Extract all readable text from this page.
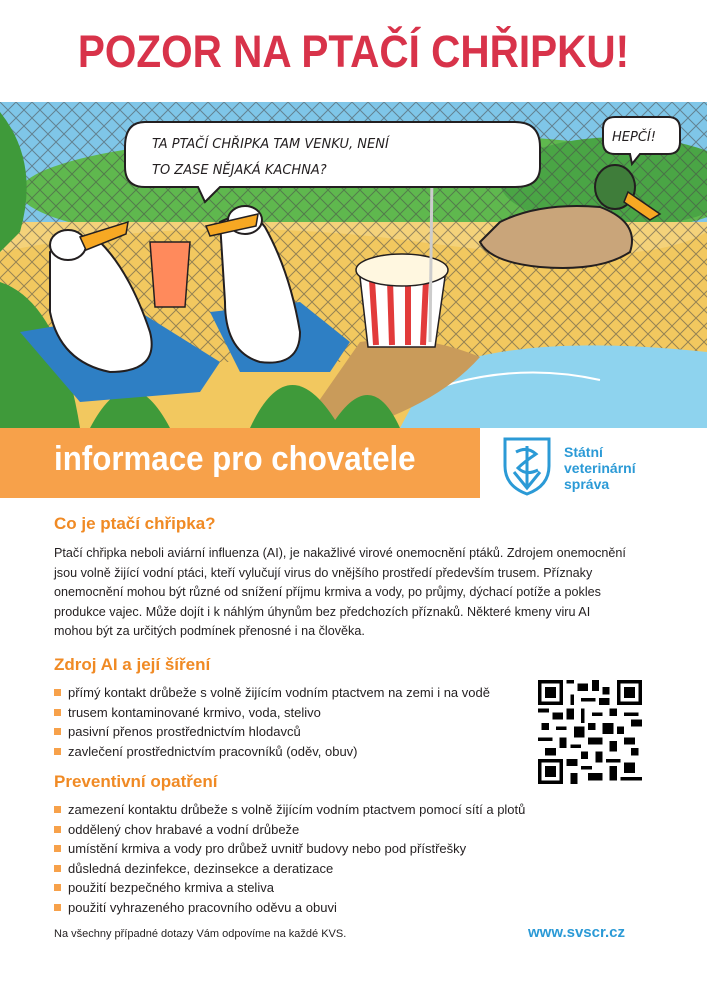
POZOR NA PTAČÍ CHŘIPKU!
TA PTAČÍ CHŘIPKA TAM VENKU, NENÍ
TO ZASE NĚJAKÁ KACHNA?
HEPČÍ!
informace pro chovatele	Státní
veterinární
správa
Co je ptačí chřipka?

Ptačí chřipka neboli aviární influenza (AI), je nakažlivé virové onemocnění ptáků. Zdrojem onemocnění

jsou volně žijící vodní ptáci, kteří vylučují virus do vnějšího prostředí především trusem. Příznaky

onemocnění mohou být různé od snížení příjmu krmiva a vody, po průjmy, dýchací potíže a pokles

produkce vajec. Může dojít i k náhlým úhynům bez předchozích příznaků. Některé kmeny viru AI

mohou být za určitých podmínek přenosné i na člověka.

Zdroj AI a její šíření
přímý kontakt drůbeže s volně žijícím vodním ptactvem na zemi i na vodě
trusem kontaminované krmivo, voda, stelivo
pasivní přenos prostřednictvím hlodavců
zavlečení prostřednictvím pracovníků (oděv, obuv)
Preventivní opatření
zamezení kontaktu drůbeže s volně žijícím vodním ptactvem pomocí sítí a plotů
oddělený chov hrabavé a vodní drůbeže
umístění krmiva a vody pro drůbež uvnitř budovy nebo pod přístřešky
důsledná dezinfekce, dezinsekce a deratizace
použití bezpečného krmiva a steliva
použití vyhrazeného pracovního oděvu a obuvi
Na všechny případné dotazy Vám odpovíme na každé KVS.	www.svscr.cz
